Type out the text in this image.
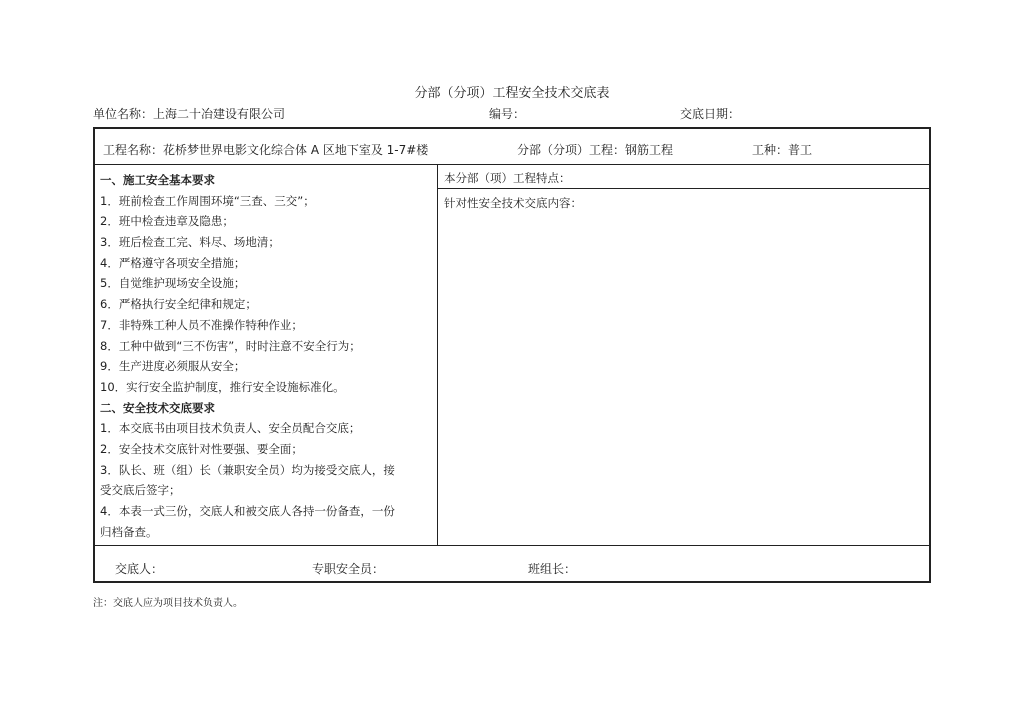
分部（分项）工程安全技术交底表
单位名称：上海二十冶建设有限公司	编号：	交底日期：
工程名称：花桥梦世界电影文化综合体 A 区地下室及 1-7#楼	分部（分项）工程：钢筋工程	工种：普工
一、施工安全基本要求
1．班前检查工作周围环境“三查、三交”；
2．班中检查违章及隐患；
3．班后检查工完、料尽、场地清；
4．严格遵守各项安全措施；
5．自觉维护现场安全设施；
6．严格执行安全纪律和规定；
7．非特殊工种人员不准操作特种作业；
8．工种中做到“三不伤害”，时时注意不安全行为；
9．生产进度必须服从安全；
10．实行安全监护制度，推行安全设施标准化。
二、安全技术交底要求
1．本交底书由项目技术负责人、安全员配合交底；
2．安全技术交底针对性要强、要全面；
3．队长、班（组）长（兼职安全员）均为接受交底人，接
受交底后签字；
4．本表一式三份，交底人和被交底人各持一份备查，一份
归档备查。
本分部（项）工程特点：
针对性安全技术交底内容：
交底人：	专职安全员：	班组长：
注：交底人应为项目技术负责人。
